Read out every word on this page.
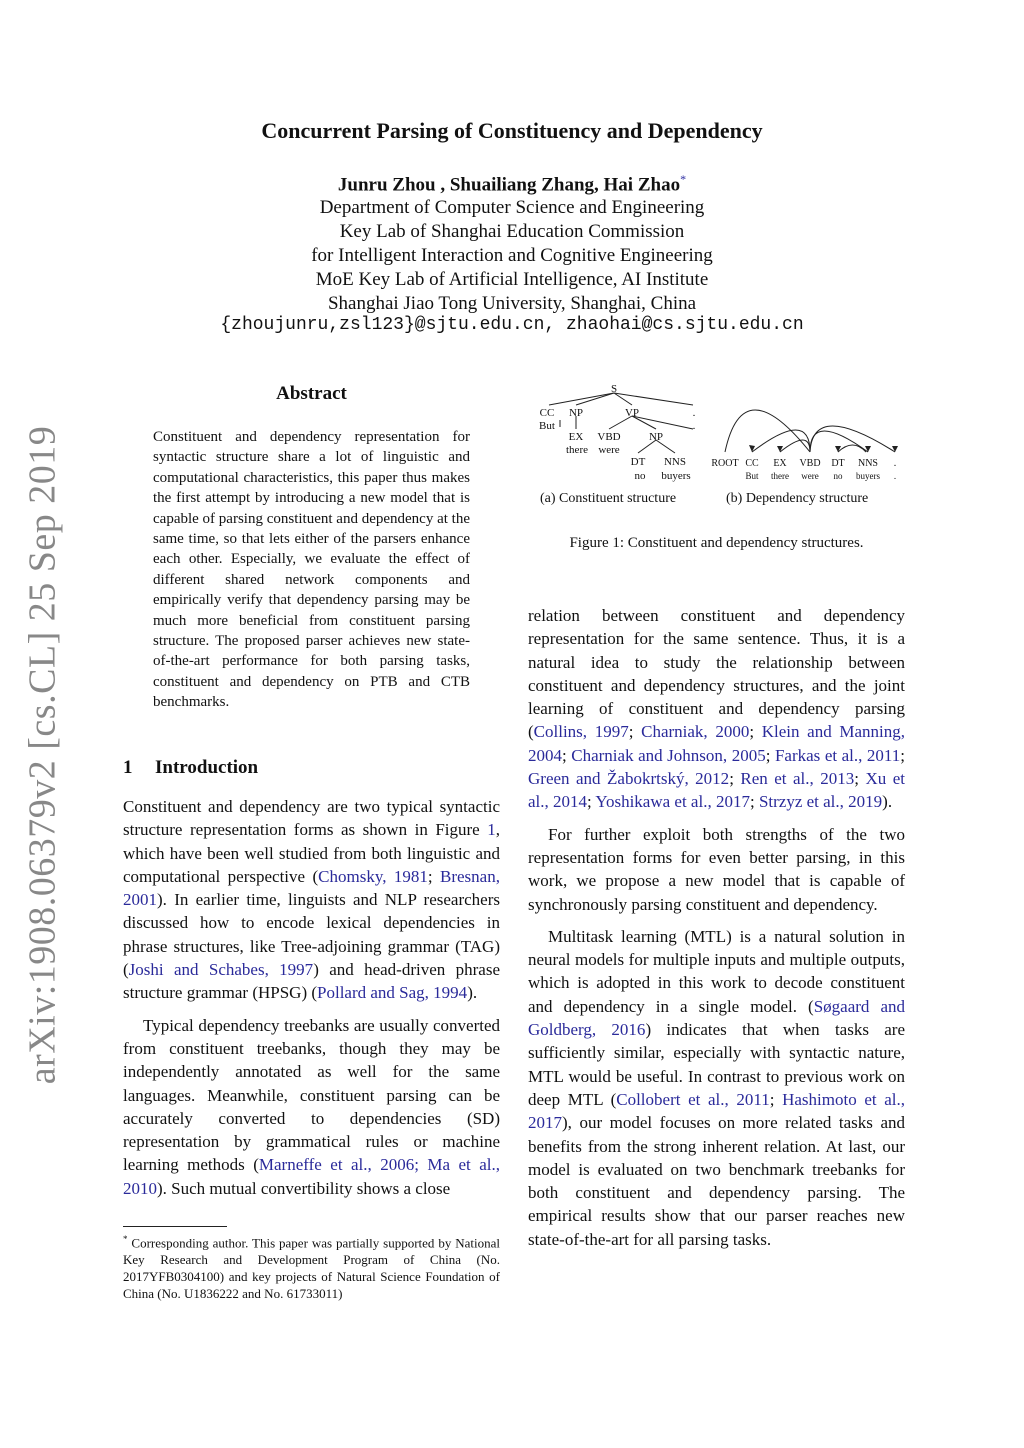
arXiv:1908.06379v2 [cs.CL] 25 Sep 2019
Concurrent Parsing of Constituency and Dependency
Junru Zhou , Shuailiang Zhang, Hai Zhao*
Department of Computer Science and Engineering
Key Lab of Shanghai Education Commission
for Intelligent Interaction and Cognitive Engineering
MoE Key Lab of Artificial Intelligence, AI Institute
Shanghai Jiao Tong University, Shanghai, China
{zhoujunru,zsl123}@sjtu.edu.cn, zhaohai@cs.sjtu.edu.cn
Abstract
Constituent and dependency representation for syntactic structure share a lot of linguistic and computational characteristics, this paper thus makes the first attempt by introducing a new model that is capable of parsing constituent and dependency at the same time, so that lets either of the parsers enhance each other. Especially, we evaluate the effect of different shared network components and empirically verify that dependency parsing may be much more beneficial from constituent parsing structure. The proposed parser achieves new state-of-the-art performance for both parsing tasks, constituent and dependency on PTB and CTB benchmarks.
1 Introduction

Constituent and dependency are two typical syntactic structure representation forms as shown in Figure 1, which have been well studied from both linguistic and computational perspective (Chomsky, 1981; Bresnan, 2001). In earlier time, linguists and NLP researchers discussed how to encode lexical dependencies in phrase structures, like Tree-adjoining grammar (TAG) (Joshi and Schabes, 1997) and head-driven phrase structure grammar (HPSG) (Pollard and Sag, 1994).

Typical dependency treebanks are usually converted from constituent treebanks, though they may be independently annotated as well for the same languages. Meanwhile, constituent parsing can be accurately converted to dependencies (SD) representation by grammatical rules or machine learning methods (Marneffe et al., 2006; Ma et al., 2010). Such mutual convertibility shows a close

* Corresponding author. This paper was partially supported by National Key Research and Development Program of China (No. 2017YFB0304100) and key projects of Natural Science Foundation of China (No. U1836222 and No. 61733011)
S
CC NP	VP	.
But
EX VBD	NP
.
there were
DT NNS
no buyers
ROOT CC EX VBD DT NNS .
But there were no buyers .
(a) Constituent structure	(b) Dependency structure
Figure 1: Constituent and dependency structures.

relation between constituent and dependency representation for the same sentence. Thus, it is a natural idea to study the relationship between constituent and dependency structures, and the joint learning of constituent and dependency parsing (Collins, 1997; Charniak, 2000; Klein and Manning, 2004; Charniak and Johnson, 2005; Farkas et al., 2011; Green and Žabokrtský, 2012; Ren et al., 2013; Xu et al., 2014; Yoshikawa et al., 2017; Strzyz et al., 2019).

For further exploit both strengths of the two representation forms for even better parsing, in this work, we propose a new model that is capable of synchronously parsing constituent and dependency.

Multitask learning (MTL) is a natural solution in neural models for multiple inputs and multiple outputs, which is adopted in this work to decode constituent and dependency in a single model. (Søgaard and Goldberg, 2016) indicates that when tasks are sufficiently similar, especially with syntactic nature, MTL would be useful. In contrast to previous work on deep MTL (Collobert et al., 2011; Hashimoto et al., 2017), our model focuses on more related tasks and benefits from the strong inherent relation. At last, our model is evaluated on two benchmark treebanks for both constituent and dependency parsing. The empirical results show that our parser reaches new state-of-the-art for all parsing tasks.
